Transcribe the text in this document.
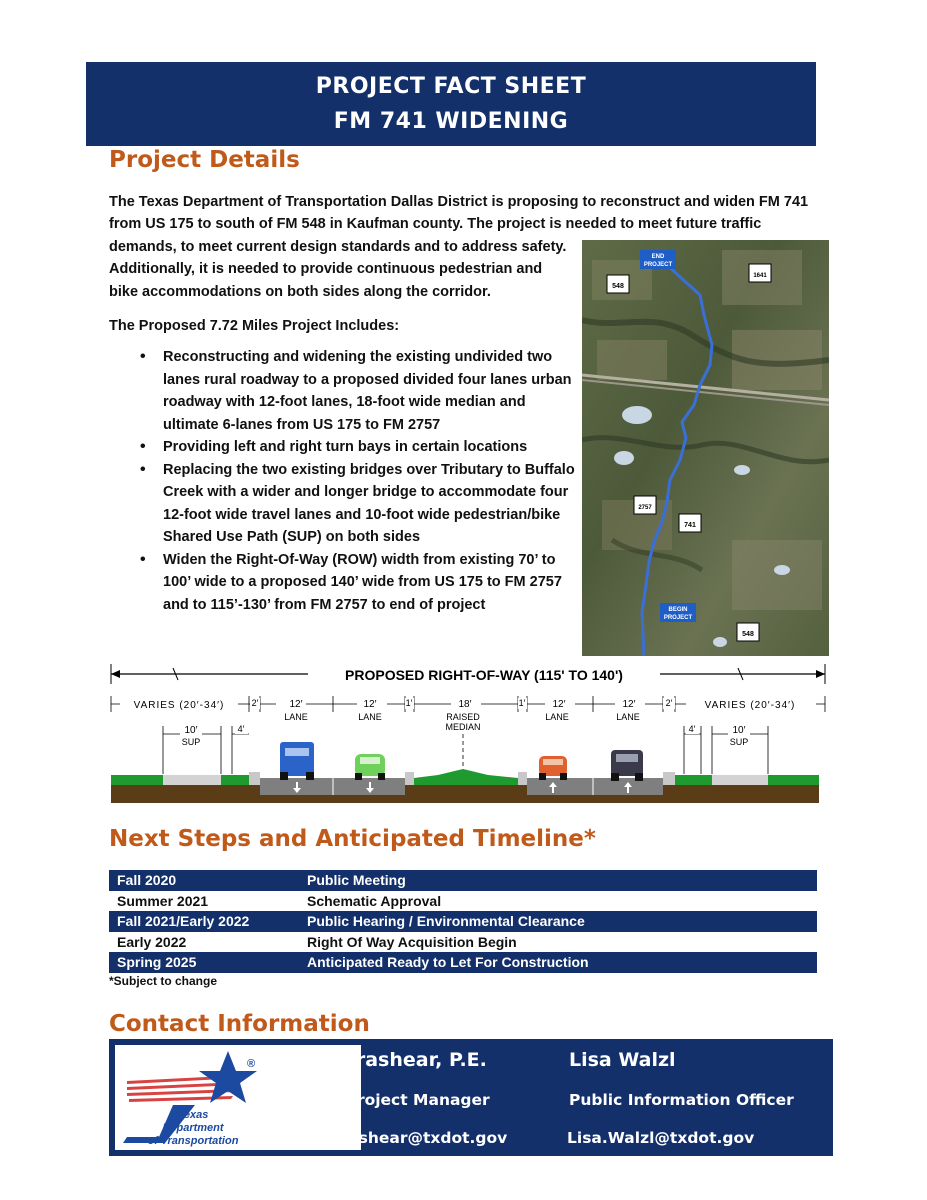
PROJECT FACT SHEET
FM 741 WIDENING
Project Details
The Texas Department of Transportation Dallas District is proposing to reconstruct and widen FM 741
from US 175 to south of FM 548 in Kaufman county. The project is needed to meet future traffic
demands, to meet current design standards and to address safety.
Additionally, it is needed to provide continuous pedestrian and
bike accommodations on both sides along the corridor.
The Proposed 7.72 Miles Project Includes:
• Reconstructing and widening the existing undivided two lanes rural roadway to a proposed divided four lanes urban roadway with 12-foot lanes, 18-foot wide median and ultimate 6-lanes from US 175 to FM 2757
• Providing left and right turn bays in certain locations
• Replacing the two existing bridges over Tributary to Buffalo Creek with a wider and longer bridge to accommodate four 12-foot wide travel lanes and 10-foot wide pedestrian/bike Shared Use Path (SUP) on both sides
• Widen the Right-Of-Way (ROW) width from existing 70’ to 100’ wide to a proposed 140’ wide from US 175 to FM 2757 and to 115’-130’ from FM 2757 to end of project
END
PROJECT
BEGIN
PROJECT
548
1641
2757
741
548
PROPOSED RIGHT-OF-WAY (115' TO 140')
VARIES (20′-34′)	2′	12′
LANE
12′
LANE
1′	18′
RAISED
MEDIAN
1′	12′
LANE
12′
LANE
2′	VARIES (20′-34′)
10′
SUP
4′	4′	10′
SUP
Next Steps and Anticipated Timeline*
Fall 2020	Public Meeting
Summer 2021	Schematic Approval
Fall 2021/Early 2022	Public Hearing / Environmental Clearance
Early 2022	Right Of Way Acquisition Begin
Spring 2025	Anticipated Ready to Let For Construction
*Subject to change
Contact Information
®
Texas
Department
of Transportation
Edra Brashear, P.E.
TxDOT Project Manager
Edra.Brashear@txdot.gov
Lisa Walzl
Public Information Officer
Lisa.Walzl@txdot.gov
